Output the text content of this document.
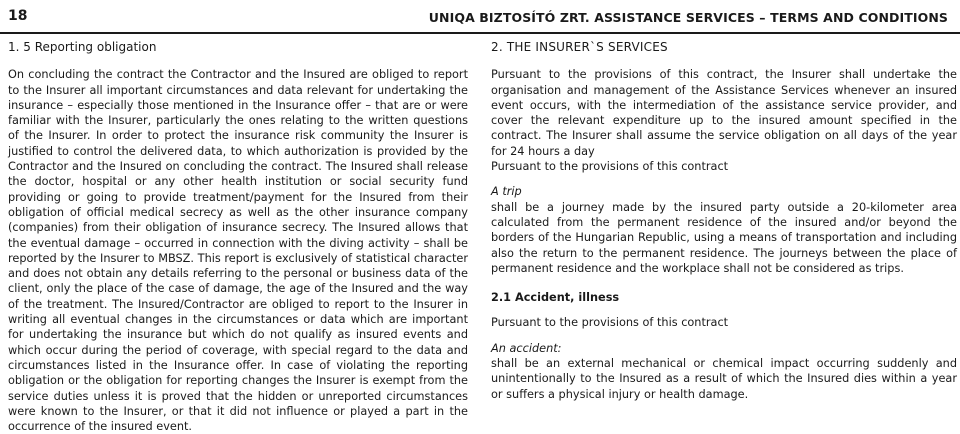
18	UNIQA BIZTOSÍTÓ ZRT. ASSISTANCE SERVICES – TERMS AND CONDITIONS
1. 5 Reporting obligation

On concluding the contract the Contractor and the Insured are obliged to report to the Insurer all important circumstances and data relevant for undertaking the insurance – especially those mentioned in the Insurance offer – that are or were familiar with the Insurer, particularly the ones relating to the written questions of the Insurer. In order to protect the insurance risk community the Insurer is justified to control the delivered data, to which authorization is provided by the Contractor and the Insured on concluding the contract. The Insured shall release the doctor, hospital or any other health institution or social security fund providing or going to provide treatment/payment for the Insured from their obligation of official medical secrecy as well as the other insurance company (companies) from their obligation of insurance secrecy. The Insured allows that the eventual damage – occurred in connection with the diving activity – shall be reported by the Insurer to MBSZ. This report is exclusively of statistical character and does not obtain any details referring to the personal or business data of the client, only the place of the case of damage, the age of the Insured and the way of the treatment. The Insured/Contractor are obliged to report to the Insurer in writing all eventual changes in the circumstances or data which are important for undertaking the insurance but which do not qualify as insured events and which occur during the period of coverage, with special regard to the data and circumstances listed in the Insurance offer. In case of violating the reporting obligation or the obligation for reporting changes the Insurer is exempt from the service duties unless it is proved that the hidden or unreported circumstances were known to the Insurer, or that it did not influence or played a part in the occurrence of the insured event.

2. THE INSURER`S SERVICES

Pursuant to the provisions of this contract, the Insurer shall undertake the organisation and management of the Assistance Services whenever an insured event occurs, with the intermediation of the assistance service provider, and cover the relevant expenditure up to the insured amount specified in the contract. The Insurer shall assume the service obligation on all days of the year for 24 hours a day

Pursuant to the provisions of this contract

A trip

shall be a journey made by the insured party outside a 20-kilometer area calculated from the permanent residence of the insured and/or beyond the borders of the Hungarian Republic, using a means of transportation and including also the return to the permanent residence. The journeys between the place of permanent residence and the workplace shall not be considered as trips.

2.1 Accident, illness

Pursuant to the provisions of this contract

An accident:

shall be an external mechanical or chemical impact occurring suddenly and unintentionally to the Insured as a result of which the Insured dies within a year or suffers a physical injury or health damage.
